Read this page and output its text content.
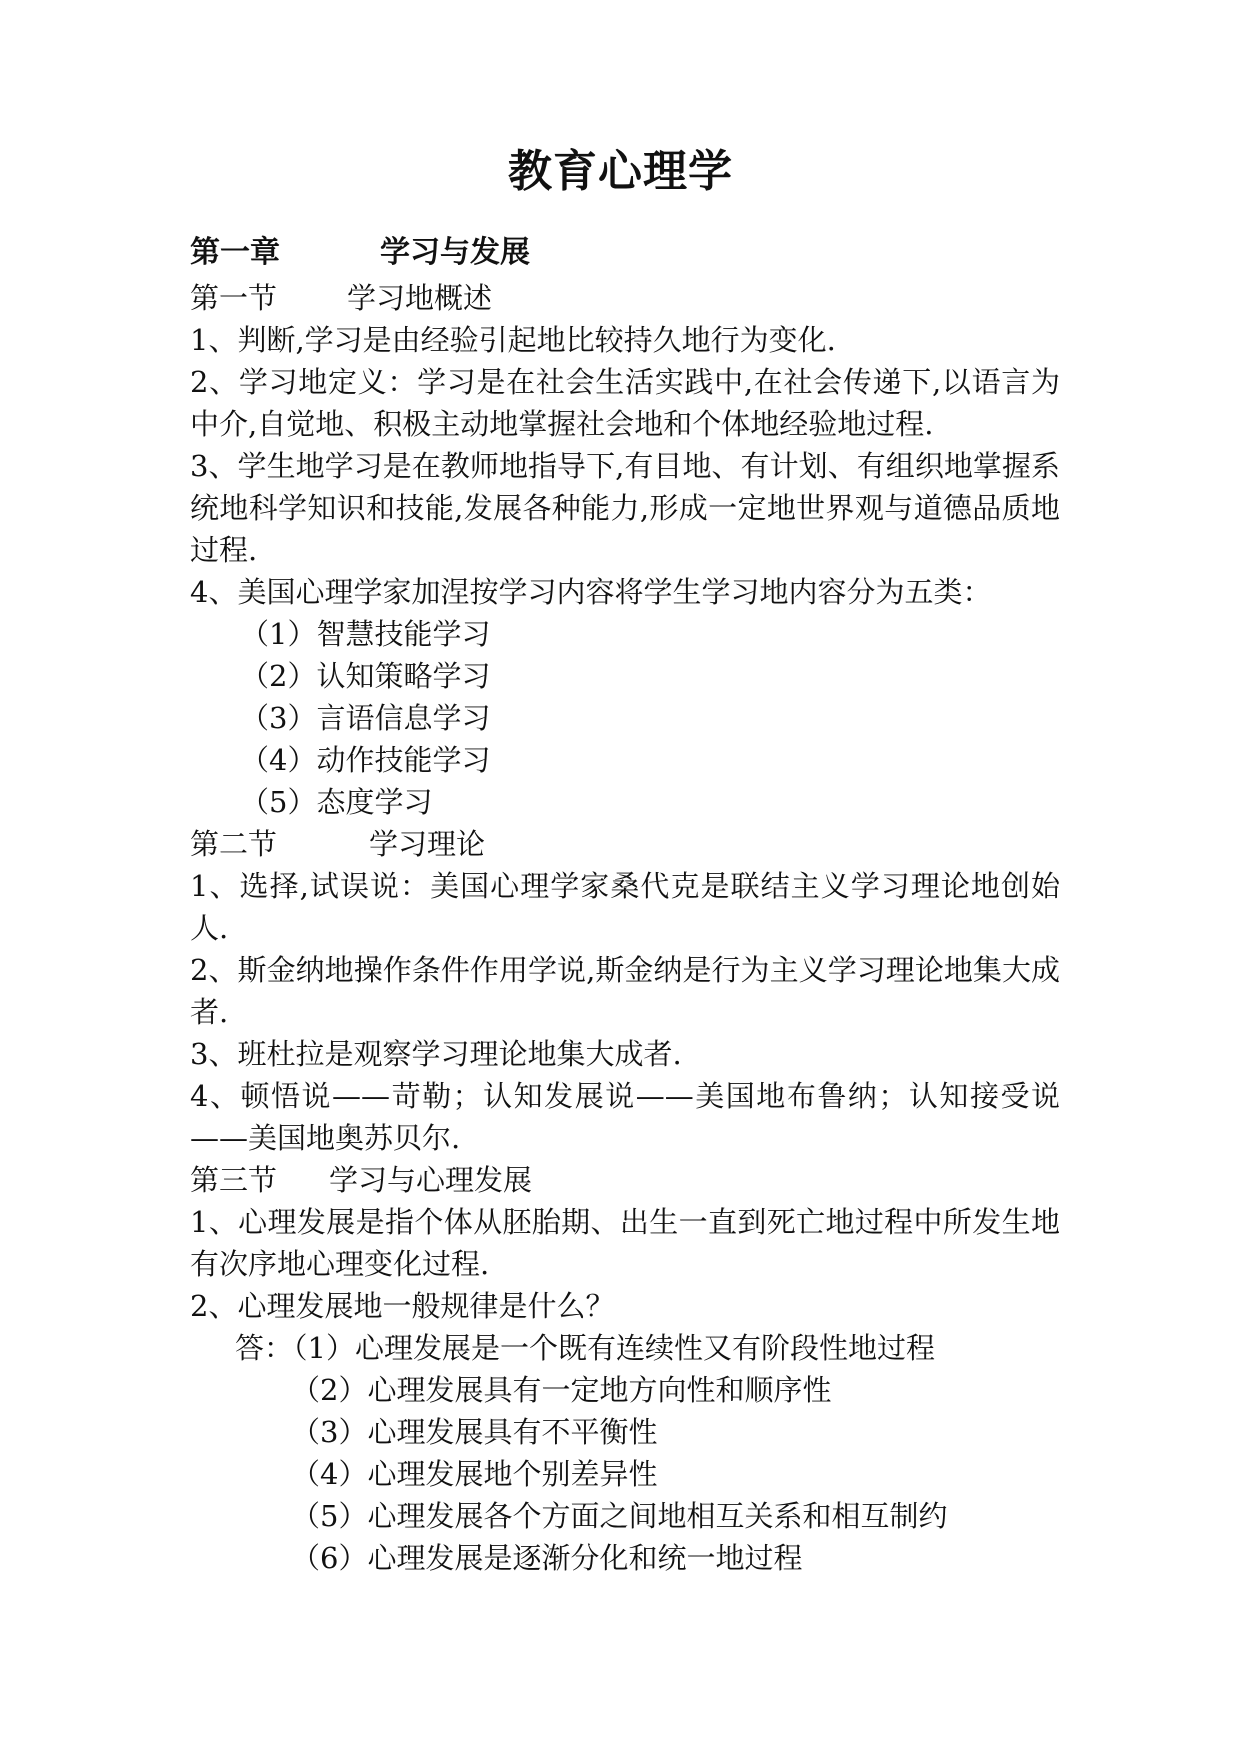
教育心理学
第一章	学习与发展
第一节 学习地概述

1、判断,学习是由经验引起地比较持久地行为变化.

2、学习地定义：学习是在社会生活实践中,在社会传递下,以语言为中介,自觉地、积极主动地掌握社会地和个体地经验地过程.

3、学生地学习是在教师地指导下,有目地、有计划、有组织地掌握系统地科学知识和技能,发展各种能力,形成一定地世界观与道德品质地过程.

4、美国心理学家加涅按学习内容将学生学习地内容分为五类：

（1）智慧技能学习
（2）认知策略学习
（3）言语信息学习
（4）动作技能学习
（5）态度学习
第二节	学习理论

1、选择,试误说：美国心理学家桑代克是联结主义学习理论地创始人.

2、斯金纳地操作条件作用学说,斯金纳是行为主义学习理论地集大成者.

3、班杜拉是观察学习理论地集大成者.

4、顿悟说——苛勒；认知发展说——美国地布鲁纳；认知接受说——美国地奥苏贝尔.

第三节 学习与心理发展

1、心理发展是指个体从胚胎期、出生一直到死亡地过程中所发生地有次序地心理变化过程.

2、心理发展地一般规律是什么？

答：（1）心理发展是一个既有连续性又有阶段性地过程
（2）心理发展具有一定地方向性和顺序性
（3）心理发展具有不平衡性
（4）心理发展地个别差异性
（5）心理发展各个方面之间地相互关系和相互制约
（6）心理发展是逐渐分化和统一地过程
